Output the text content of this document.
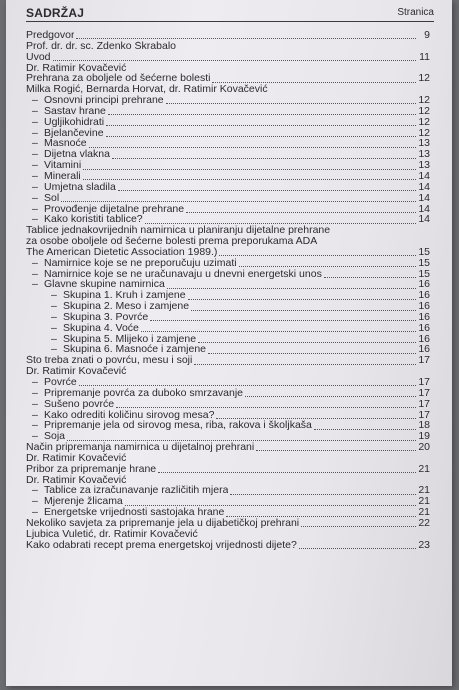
SADRŽAJ	Stranica
Predgovor	9
Prof. dr. dr. sc. Zdenko Škrabalo
Uvod	11
Dr. Ratimir Kovačević
Prehrana za oboljele od šećerne bolesti	12
Milka Rogić, Bernarda Horvat, dr. Ratimir Kovačević
– Osnovni principi prehrane	12
– Sastav hrane	12
– Ugljikohidrati	12
– Bjelančevine	12
– Masnoće	13
– Dijetna vlakna	13
– Vitamini	13
– Minerali	14
– Umjetna sladila	14
– Sol	14
– Provođenje dijetalne prehrane	14
– Kako koristiti tablice?	14
Tablice jednakovrijednih namirnica u planiranju dijetalne prehrane
za osobe oboljele od šećerne bolesti prema preporukama ADA
The American Dietetic Association 1989.)	15
– Namirnice koje se ne preporučuju uzimati	15
– Namirnice koje se ne uračunavaju u dnevni energetski unos	15
– Glavne skupine namirnica	16
– Skupina 1. Kruh i zamjene	16
– Skupina 2. Meso i zamjene	16
– Skupina 3. Povrće	16
– Skupina 4. Voće	16
– Skupina 5. Mlijeko i zamjene	16
– Skupina 6. Masnoće i zamjene	16
Što treba znati o povrću, mesu i soji	17
Dr. Ratimir Kovačević
– Povrće	17
– Pripremanje povrća za duboko smrzavanje	17
– Sušeno povrće	17
– Kako odrediti količinu sirovog mesa?	17
– Pripremanje jela od sirovog mesa, riba, rakova i školjkaša	18
– Soja	19
Način pripremanja namirnica u dijetalnoj prehrani	20
Dr. Ratimir Kovačević
Pribor za pripremanje hrane	21
Dr. Ratimir Kovačević
– Tablice za izračunavanje različitih mjera	21
– Mjerenje žlicama	21
– Energetske vrijednosti sastojaka hrane	21
Nekoliko savjeta za pripremanje jela u dijabetičkoj prehrani	22
Ljubica Vuletić, dr. Ratimir Kovačević
Kako odabrati recept prema energetskoj vrijednosti dijete?	23
